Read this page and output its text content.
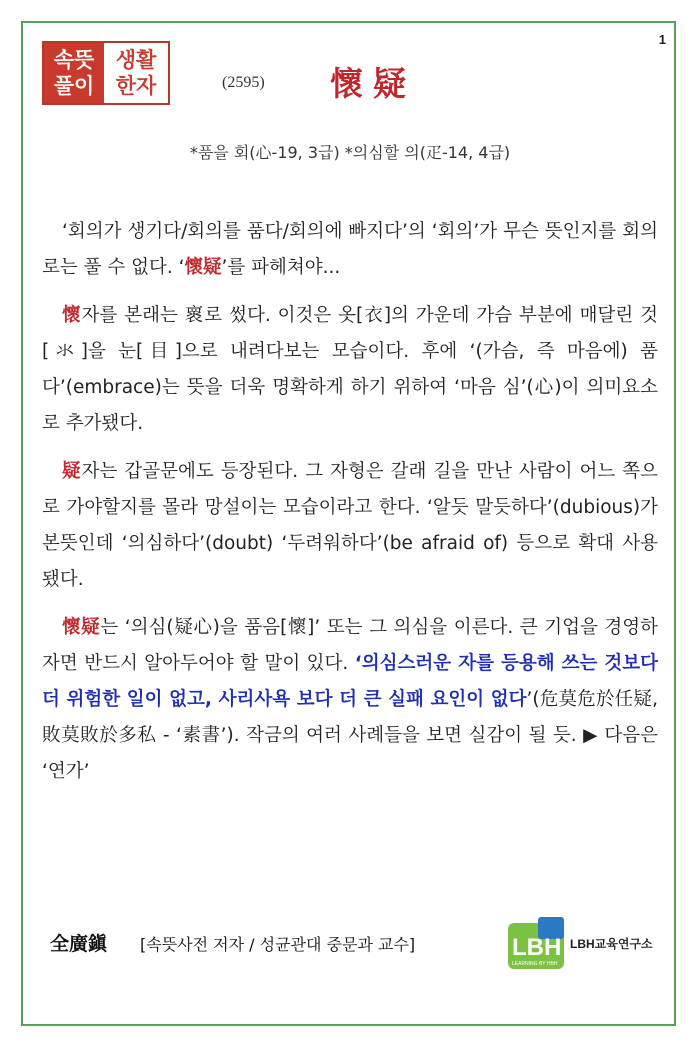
1
속뜻
풀이
생활
한자	(2595) 懷疑
*품을 회(心-19, 3급) *의심할 의(疋-14, 4급)

‘회의가 생기다/회의를 품다/회의에 빠지다’의 ‘회의’가 무슨 뜻인지를 회의로는 풀 수 없다. ‘懷疑’를 파헤쳐야...

懷자를 본래는 褱로 썼다. 이것은 옷[衣]의 가운데 가슴 부분에 매달린 것[氺]을 눈[目]으로 내려다보는 모습이다. 후에 ‘(가슴, 즉 마음에) 품다’(embrace)는 뜻을 더욱 명확하게 하기 위하여 ‘마음 심’(心)이 의미요소로 추가됐다.

疑자는 갑골문에도 등장된다. 그 자형은 갈래 길을 만난 사람이 어느 쪽으로 가야할지를 몰라 망설이는 모습이라고 한다. ‘알듯 말듯하다’(dubious)가 본뜻인데 ‘의심하다’(doubt) ‘두려워하다’(be afraid of) 등으로 확대 사용됐다.

懷疑는 ‘의심(疑心)을 품음[懷]’ 또는 그 의심을 이른다. 큰 기업을 경영하자면 반드시 알아두어야 할 말이 있다. ‘의심스러운 자를 등용해 쓰는 것보다 더 위험한 일이 없고, 사리사욕 보다 더 큰 실패 요인이 없다’(危莫危於任疑, 敗莫敗於多私 - ‘素書’). 작금의 여러 사례들을 보면 실감이 될 듯. ▶ 다음은 ‘연가’

全廣鎭 [속뜻사전 저자 / 성균관대 중문과 교수]	LBH
LEARNING BY HBH
LBH교육연구소
